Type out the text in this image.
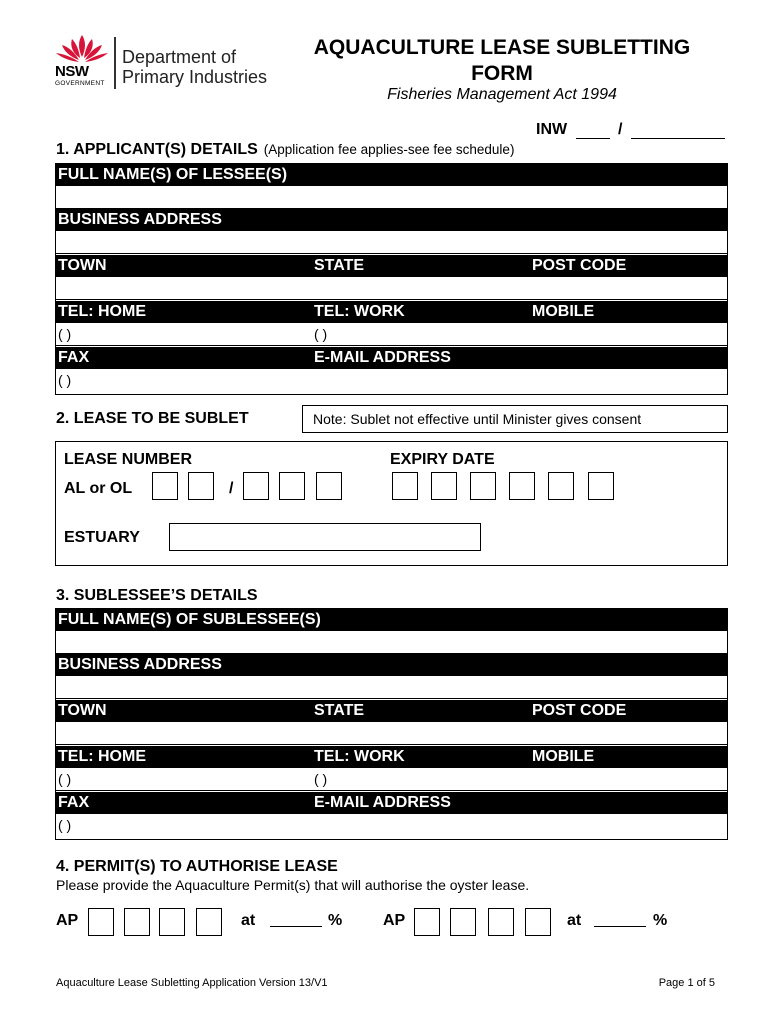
NSW
GOVERNMENT
Department of
Primary Industries
AQUACULTURE LEASE SUBLETTING
FORM
Fisheries Management Act 1994
INW	/
1. APPLICANT(S) DETAILS (Application fee applies-see fee schedule)
FULL NAME(S) OF LESSEE(S)
BUSINESS ADDRESS
TOWN	STATE	POST CODE
TEL: HOME	TEL: WORK	MOBILE
( )	( )
FAX	E-MAIL ADDRESS
( )
2. LEASE TO BE SUBLET	Note: Sublet not effective until Minister gives consent
LEASE NUMBER	EXPIRY DATE
AL or OL	/
ESTUARY
3. SUBLESSEE’S DETAILS
FULL NAME(S) OF SUBLESSEE(S)
BUSINESS ADDRESS
TOWN	STATE	POST CODE
TEL: HOME	TEL: WORK	MOBILE
( )	( )
FAX	E-MAIL ADDRESS
( )
4. PERMIT(S) TO AUTHORISE LEASE
Please provide the Aquaculture Permit(s) that will authorise the oyster lease.
AP	at	%	AP	at	%
Aquaculture Lease Subletting Application Version 13/V1	Page 1 of 5
